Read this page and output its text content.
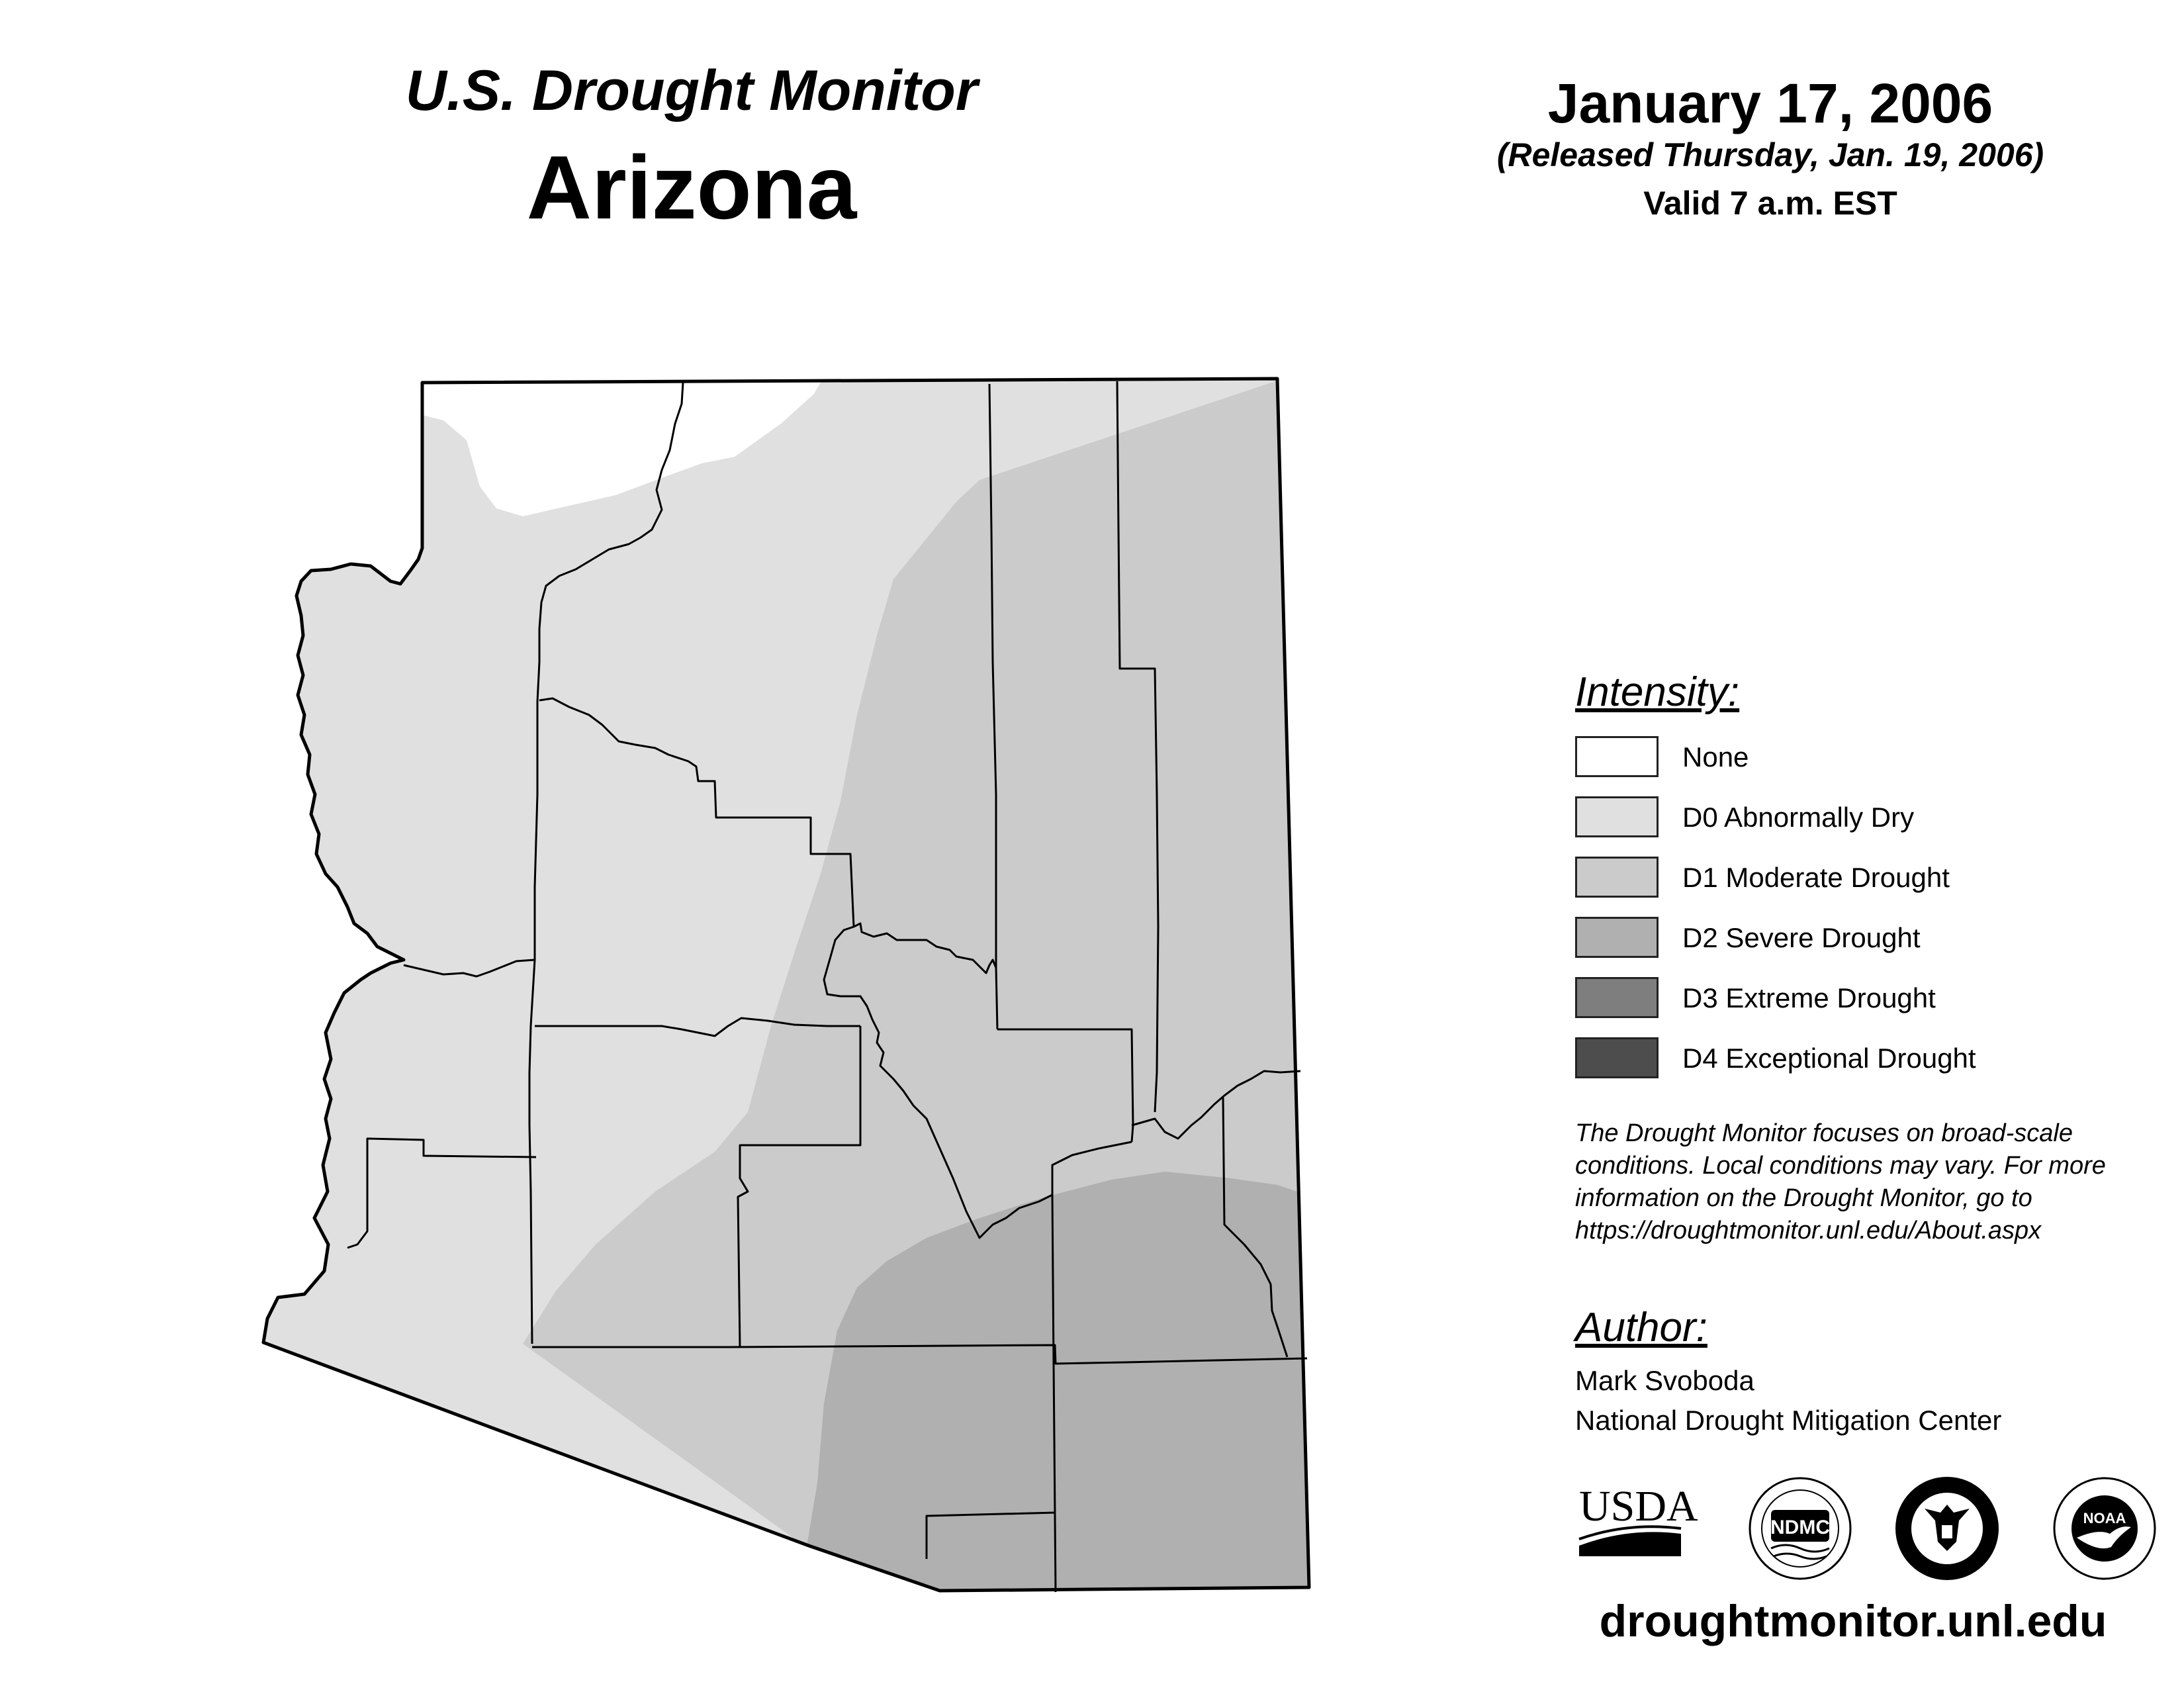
U.S. Drought Monitor
Arizona
January 17, 2006
(Released Thursday, Jan. 19, 2006)
Valid 7 a.m. EST
Intensity:
None
D0 Abnormally Dry
D1 Moderate Drought
D2 Severe Drought
D3 Extreme Drought
D4 Exceptional Drought
The Drought Monitor focuses on broad-scale conditions. Local conditions may vary. For more information on the Drought Monitor, go to https://droughtmonitor.unl.edu/About.aspx
Author:
Mark Svoboda
National Drought Mitigation Center
USDA	NDMC	NOAA
droughtmonitor.unl.edu
